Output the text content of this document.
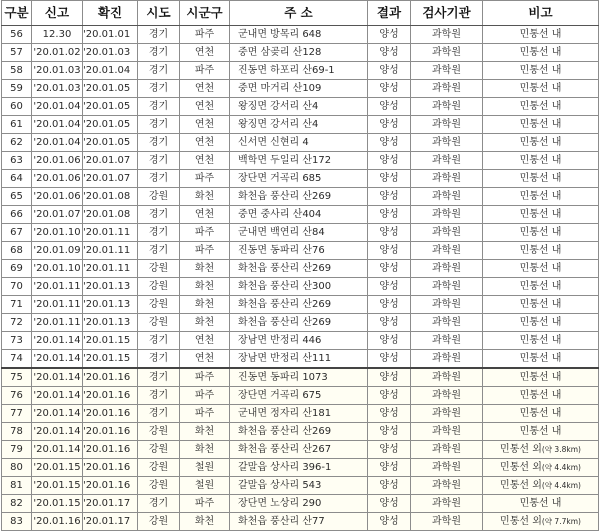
구분	신고	확진	시도	시군구	주 소	결과	검사기관	비고
56	12.30	'20.01.01	경기	파주	군내면 방목리 648	양성	과학원	민통선 내
57	'20.01.02	'20.01.03	경기	연천	중면 삼곶리 산128	양성	과학원	민통선 내
58	'20.01.03	'20.01.04	경기	파주	진동면 하포리 산69-1	양성	과학원	민통선 내
59	'20.01.03	'20.01.05	경기	연천	중면 마거리 산109	양성	과학원	민통선 내
60	'20.01.04	'20.01.05	경기	연천	왕징면 강서리 산4	양성	과학원	민통선 내
61	'20.01.04	'20.01.05	경기	연천	왕징면 강서리 산4	양성	과학원	민통선 내
62	'20.01.04	'20.01.05	경기	연천	신서면 신현리 4	양성	과학원	민통선 내
63	'20.01.06	'20.01.07	경기	연천	백학면 두일리 산172	양성	과학원	민통선 내
64	'20.01.06	'20.01.07	경기	파주	장단면 거곡리 685	양성	과학원	민통선 내
65	'20.01.06	'20.01.08	강원	화천	화천읍 풍산리 산269	양성	과학원	민통선 내
66	'20.01.07	'20.01.08	경기	연천	중면 중사리 산404	양성	과학원	민통선 내
67	'20.01.10	'20.01.11	경기	파주	군내면 백연리 산84	양성	과학원	민통선 내
68	'20.01.09	'20.01.11	경기	파주	진동면 동파리 산76	양성	과학원	민통선 내
69	'20.01.10	'20.01.11	강원	화천	화천읍 풍산리 산269	양성	과학원	민통선 내
70	'20.01.11	'20.01.13	강원	화천	화천읍 풍산리 산300	양성	과학원	민통선 내
71	'20.01.11	'20.01.13	강원	화천	화천읍 풍산리 산269	양성	과학원	민통선 내
72	'20.01.11	'20.01.13	강원	화천	화천읍 풍산리 산269	양성	과학원	민통선 내
73	'20.01.14	'20.01.15	경기	연천	장남면 반정리 446	양성	과학원	민통선 내
74	'20.01.14	'20.01.15	경기	연천	장남면 반정리 산111	양성	과학원	민통선 내
75	'20.01.14	'20.01.16	경기	파주	진동면 동파리 1073	양성	과학원	민통선 내
76	'20.01.14	'20.01.16	경기	파주	장단면 거곡리 675	양성	과학원	민통선 내
77	'20.01.14	'20.01.16	경기	파주	군내면 정자리 산181	양성	과학원	민통선 내
78	'20.01.14	'20.01.16	강원	화천	화천읍 풍산리 산269	양성	과학원	민통선 내
79	'20.01.14	'20.01.16	강원	화천	화천읍 풍산리 산267	양성	과학원	민통선 외(약 3.8km)
80	'20.01.15	'20.01.16	강원	철원	갈말읍 상사리 396-1	양성	과학원	민통선 외(약 4.4km)
81	'20.01.15	'20.01.16	강원	철원	갈말읍 상사리 543	양성	과학원	민통선 외(약 4.4km)
82	'20.01.15	'20.01.17	경기	파주	장단면 노상리 290	양성	과학원	민통선 내
83	'20.01.16	'20.01.17	강원	화천	화천읍 풍산리 산77	양성	과학원	민통선 외(약 7.7km)
